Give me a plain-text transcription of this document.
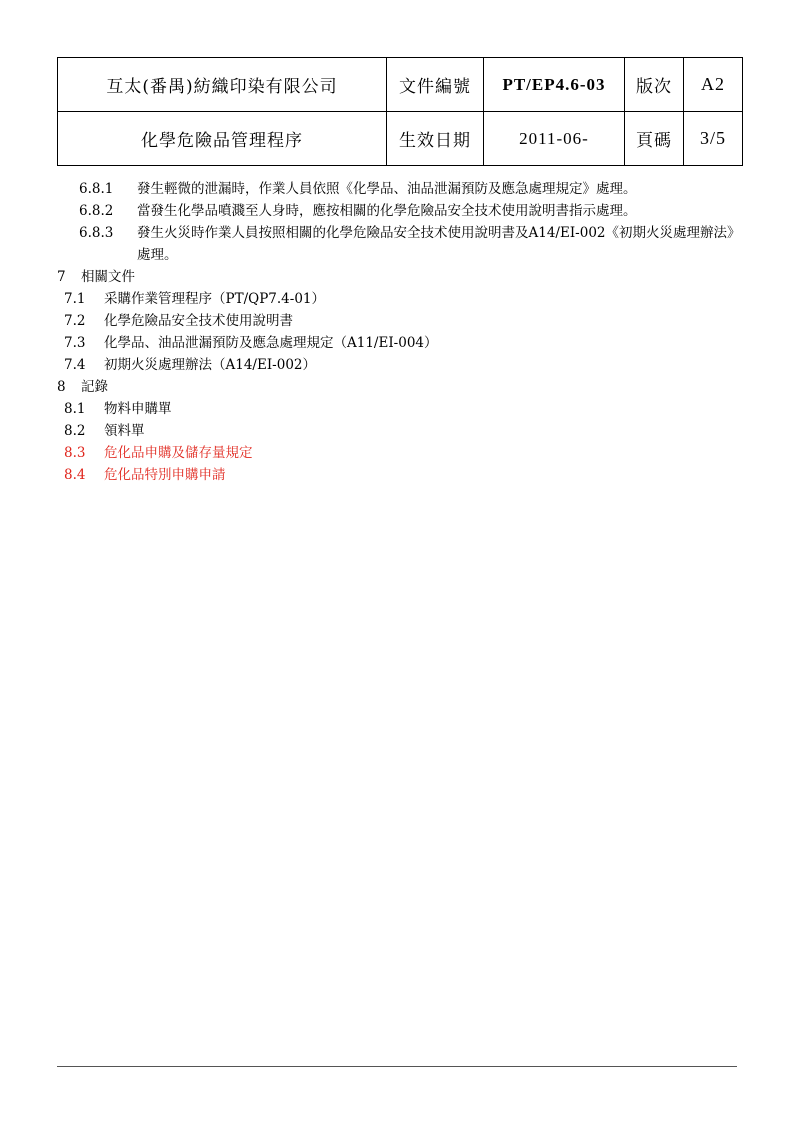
互太(番禺)紡織印染有限公司	文件編號	PT/EP4.6-03	版次	A2
化學危險品管理程序	生效日期	2011-06-	頁碼	3/5
6.8.1	發生輕微的泄漏時，作業人員依照《化學品、油品泄漏預防及應急處理規定》處理。
6.8.2	當發生化學品噴濺至人身時，應按相關的化學危險品安全技术使用說明書指示處理。
6.8.3	發生火災時作業人員按照相關的化學危險品安全技术使用說明書及A14/EI-002《初期火災處理辦法》處理。
7	相關文件
7.1	采購作業管理程序（PT/QP7.4-01）
7.2	化學危險品安全技术使用說明書
7.3	化學品、油品泄漏預防及應急處理規定（A11/EI-004）
7.4	初期火災處理辦法（A14/EI-002）
8	記錄
8.1	物料申購單
8.2	領料單
8.3	危化品申購及儲存量規定
8.4	危化品特別申購申請
